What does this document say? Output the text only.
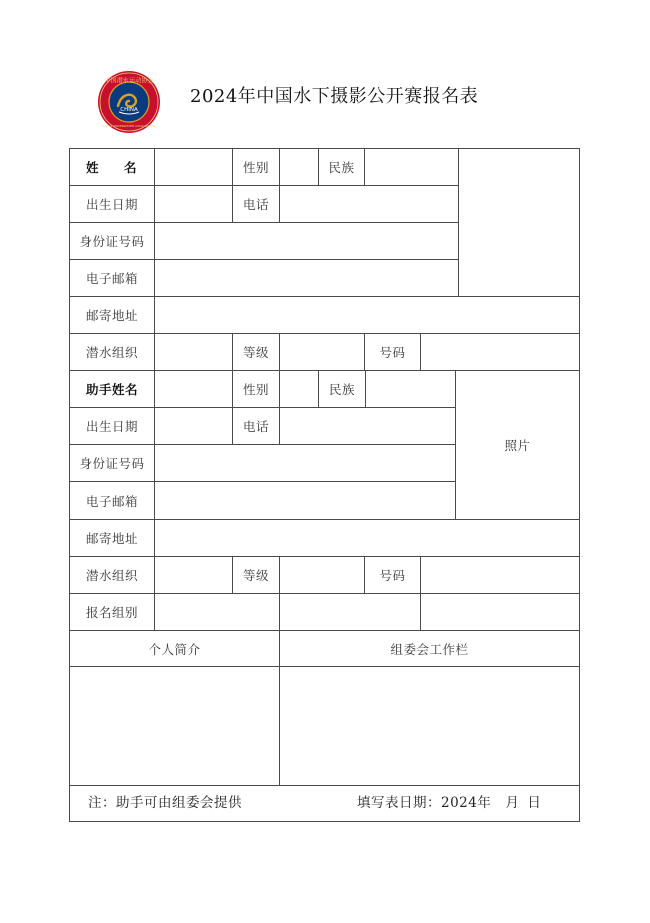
CHINA
中国潜水运动协会
CHINA UNDERWATER ASSOCIATION
2024年中国水下摄影公开赛报名表
姓 名	性别	民族
出生日期	电话
身份证号码
电子邮箱
邮寄地址
潜水组织	等级	号码
助手姓名	性别	民族
照片
出生日期	电话
身份证号码
电子邮箱
邮寄地址
潜水组织	等级	号码
报名组别
个人简介	组委会工作栏
注：助手可由组委会提供	填写表日期：2024年 月 日
